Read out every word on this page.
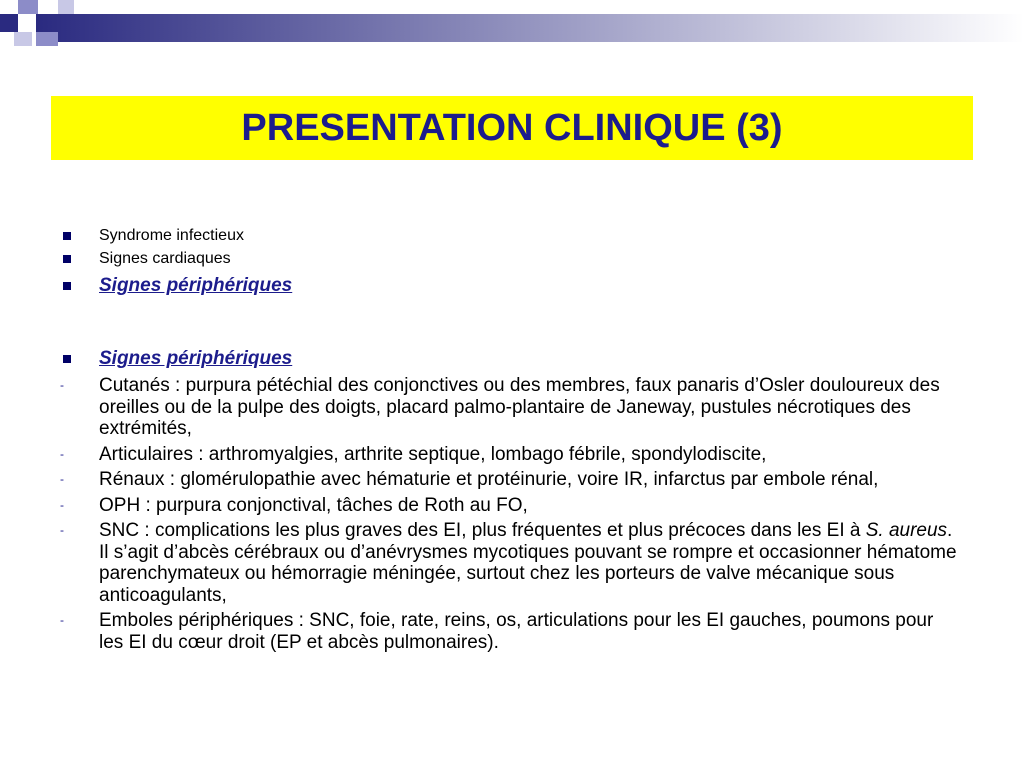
PRESENTATION CLINIQUE (3)
Syndrome infectieux
Signes cardiaques
Signes périphériques
Signes périphériques
- Cutanés : purpura pétéchial des conjonctives ou des membres, faux panaris d’Osler douloureux des oreilles ou de la pulpe des doigts, placard palmo-plantaire de Janeway, pustules nécrotiques des extrémités,
- Articulaires : arthromyalgies, arthrite septique, lombago fébrile, spondylodiscite,
- Rénaux : glomérulopathie avec hématurie et protéinurie, voire IR, infarctus par embole rénal,
- OPH : purpura conjonctival, tâches de Roth au FO,
- SNC : complications les plus graves des EI, plus fréquentes et plus précoces dans les EI à S. aureus. Il s’agit d’abcès cérébraux ou d’anévrysmes mycotiques pouvant se rompre et occasionner hématome parenchymateux ou hémorragie méningée, surtout chez les porteurs de valve mécanique sous anticoagulants,
- Emboles périphériques : SNC, foie, rate, reins, os, articulations pour les EI gauches, poumons pour les EI du cœur droit (EP et abcès pulmonaires).
